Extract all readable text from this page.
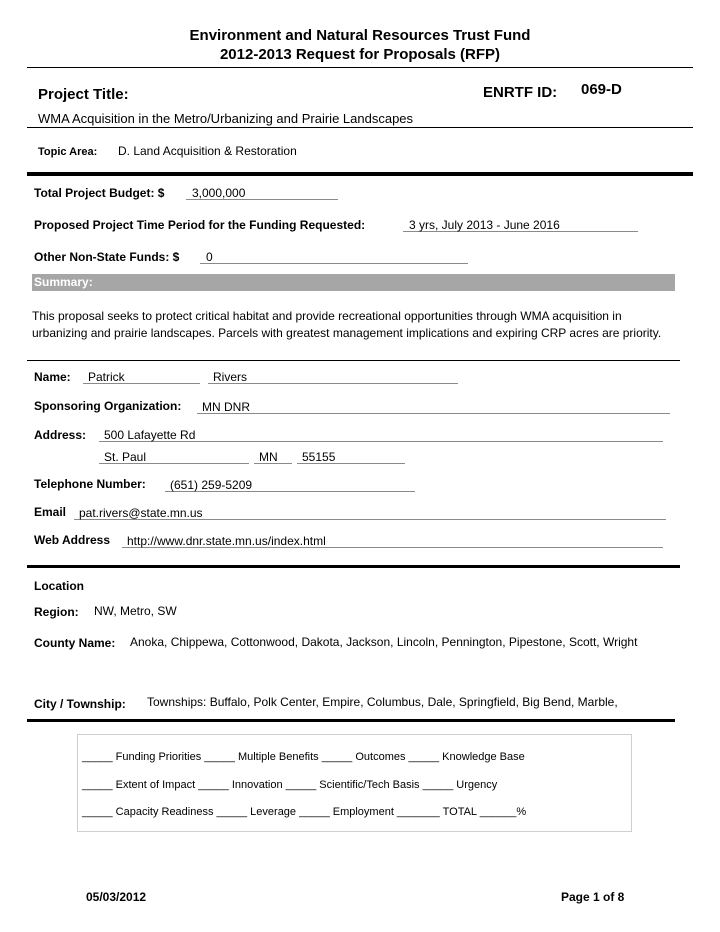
Environment and Natural Resources Trust Fund
2012-2013 Request for Proposals (RFP)
Project Title:	ENRTF ID: 069-D
WMA Acquisition in the Metro/Urbanizing and Prairie Landscapes
Topic Area: D. Land Acquisition & Restoration
Total Project Budget: $	3,000,000
Proposed Project Time Period for the Funding Requested:	3 yrs, July 2013 - June 2016
Other Non-State Funds: $	0
Summary:
This proposal seeks to protect critical habitat and provide recreational opportunities through WMA acquisition in urbanizing and prairie landscapes. Parcels with greatest management implications and expiring CRP acres are priority.
Name:	Patrick	Rivers
Sponsoring Organization:	MN DNR
Address:	500 Lafayette Rd
St. Paul	MN	55155
Telephone Number:	(651) 259-5209
Email	pat.rivers@state.mn.us
Web Address	http://www.dnr.state.mn.us/index.html
Location
Region: NW, Metro, SW
County Name: Anoka, Chippewa, Cottonwood, Dakota, Jackson, Lincoln, Pennington, Pipestone, Scott, Wright
City / Township: Townships: Buffalo, Polk Center, Empire, Columbus, Dale, Springfield, Big Bend, Marble,
_____ Funding Priorities _____ Multiple Benefits _____ Outcomes _____ Knowledge Base
_____ Extent of Impact _____ Innovation _____ Scientific/Tech Basis _____ Urgency
_____ Capacity Readiness _____ Leverage _____ Employment _______ TOTAL ______%
05/03/2012	Page 1 of 8
